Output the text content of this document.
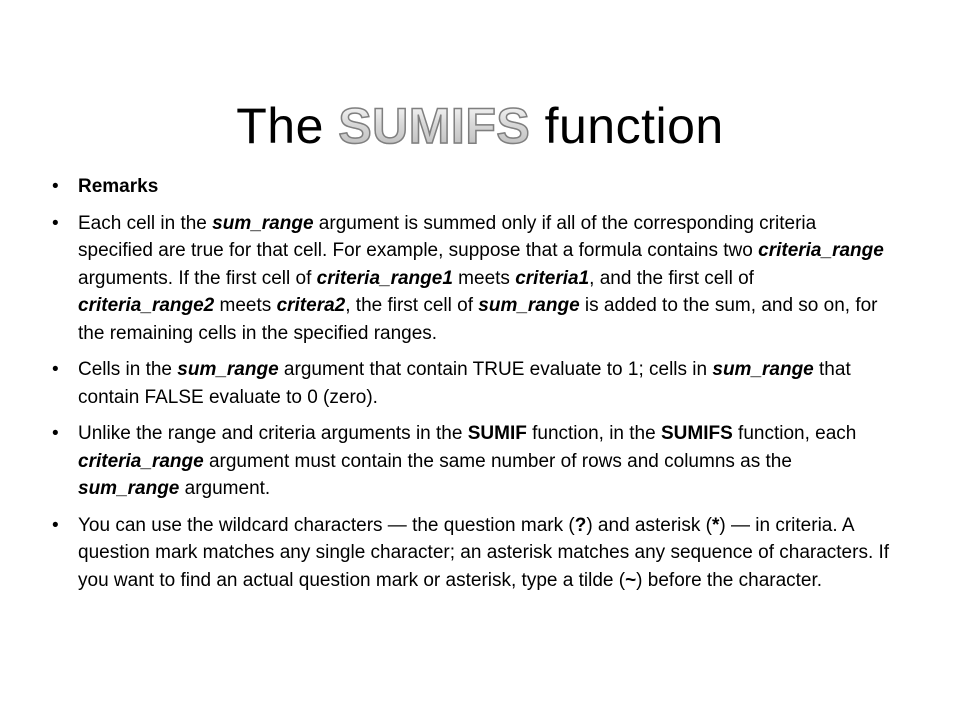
The SUMIFS function
• Remarks

• Each cell in the sum_range argument is summed only if all of the corresponding criteria specified are true for that cell. For example, suppose that a formula contains two criteria_range arguments. If the first cell of criteria_range1 meets criteria1, and the first cell of criteria_range2 meets critera2, the first cell of sum_range is added to the sum, and so on, for the remaining cells in the specified ranges.

• Cells in the sum_range argument that contain TRUE evaluate to 1; cells in sum_range that contain FALSE evaluate to 0 (zero).

• Unlike the range and criteria arguments in the SUMIF function, in the SUMIFS function, each criteria_range argument must contain the same number of rows and columns as the sum_range argument.

• You can use the wildcard characters — the question mark (?) and asterisk (*) — in criteria. A question mark matches any single character; an asterisk matches any sequence of characters. If you want to find an actual question mark or asterisk, type a tilde (~) before the character.
